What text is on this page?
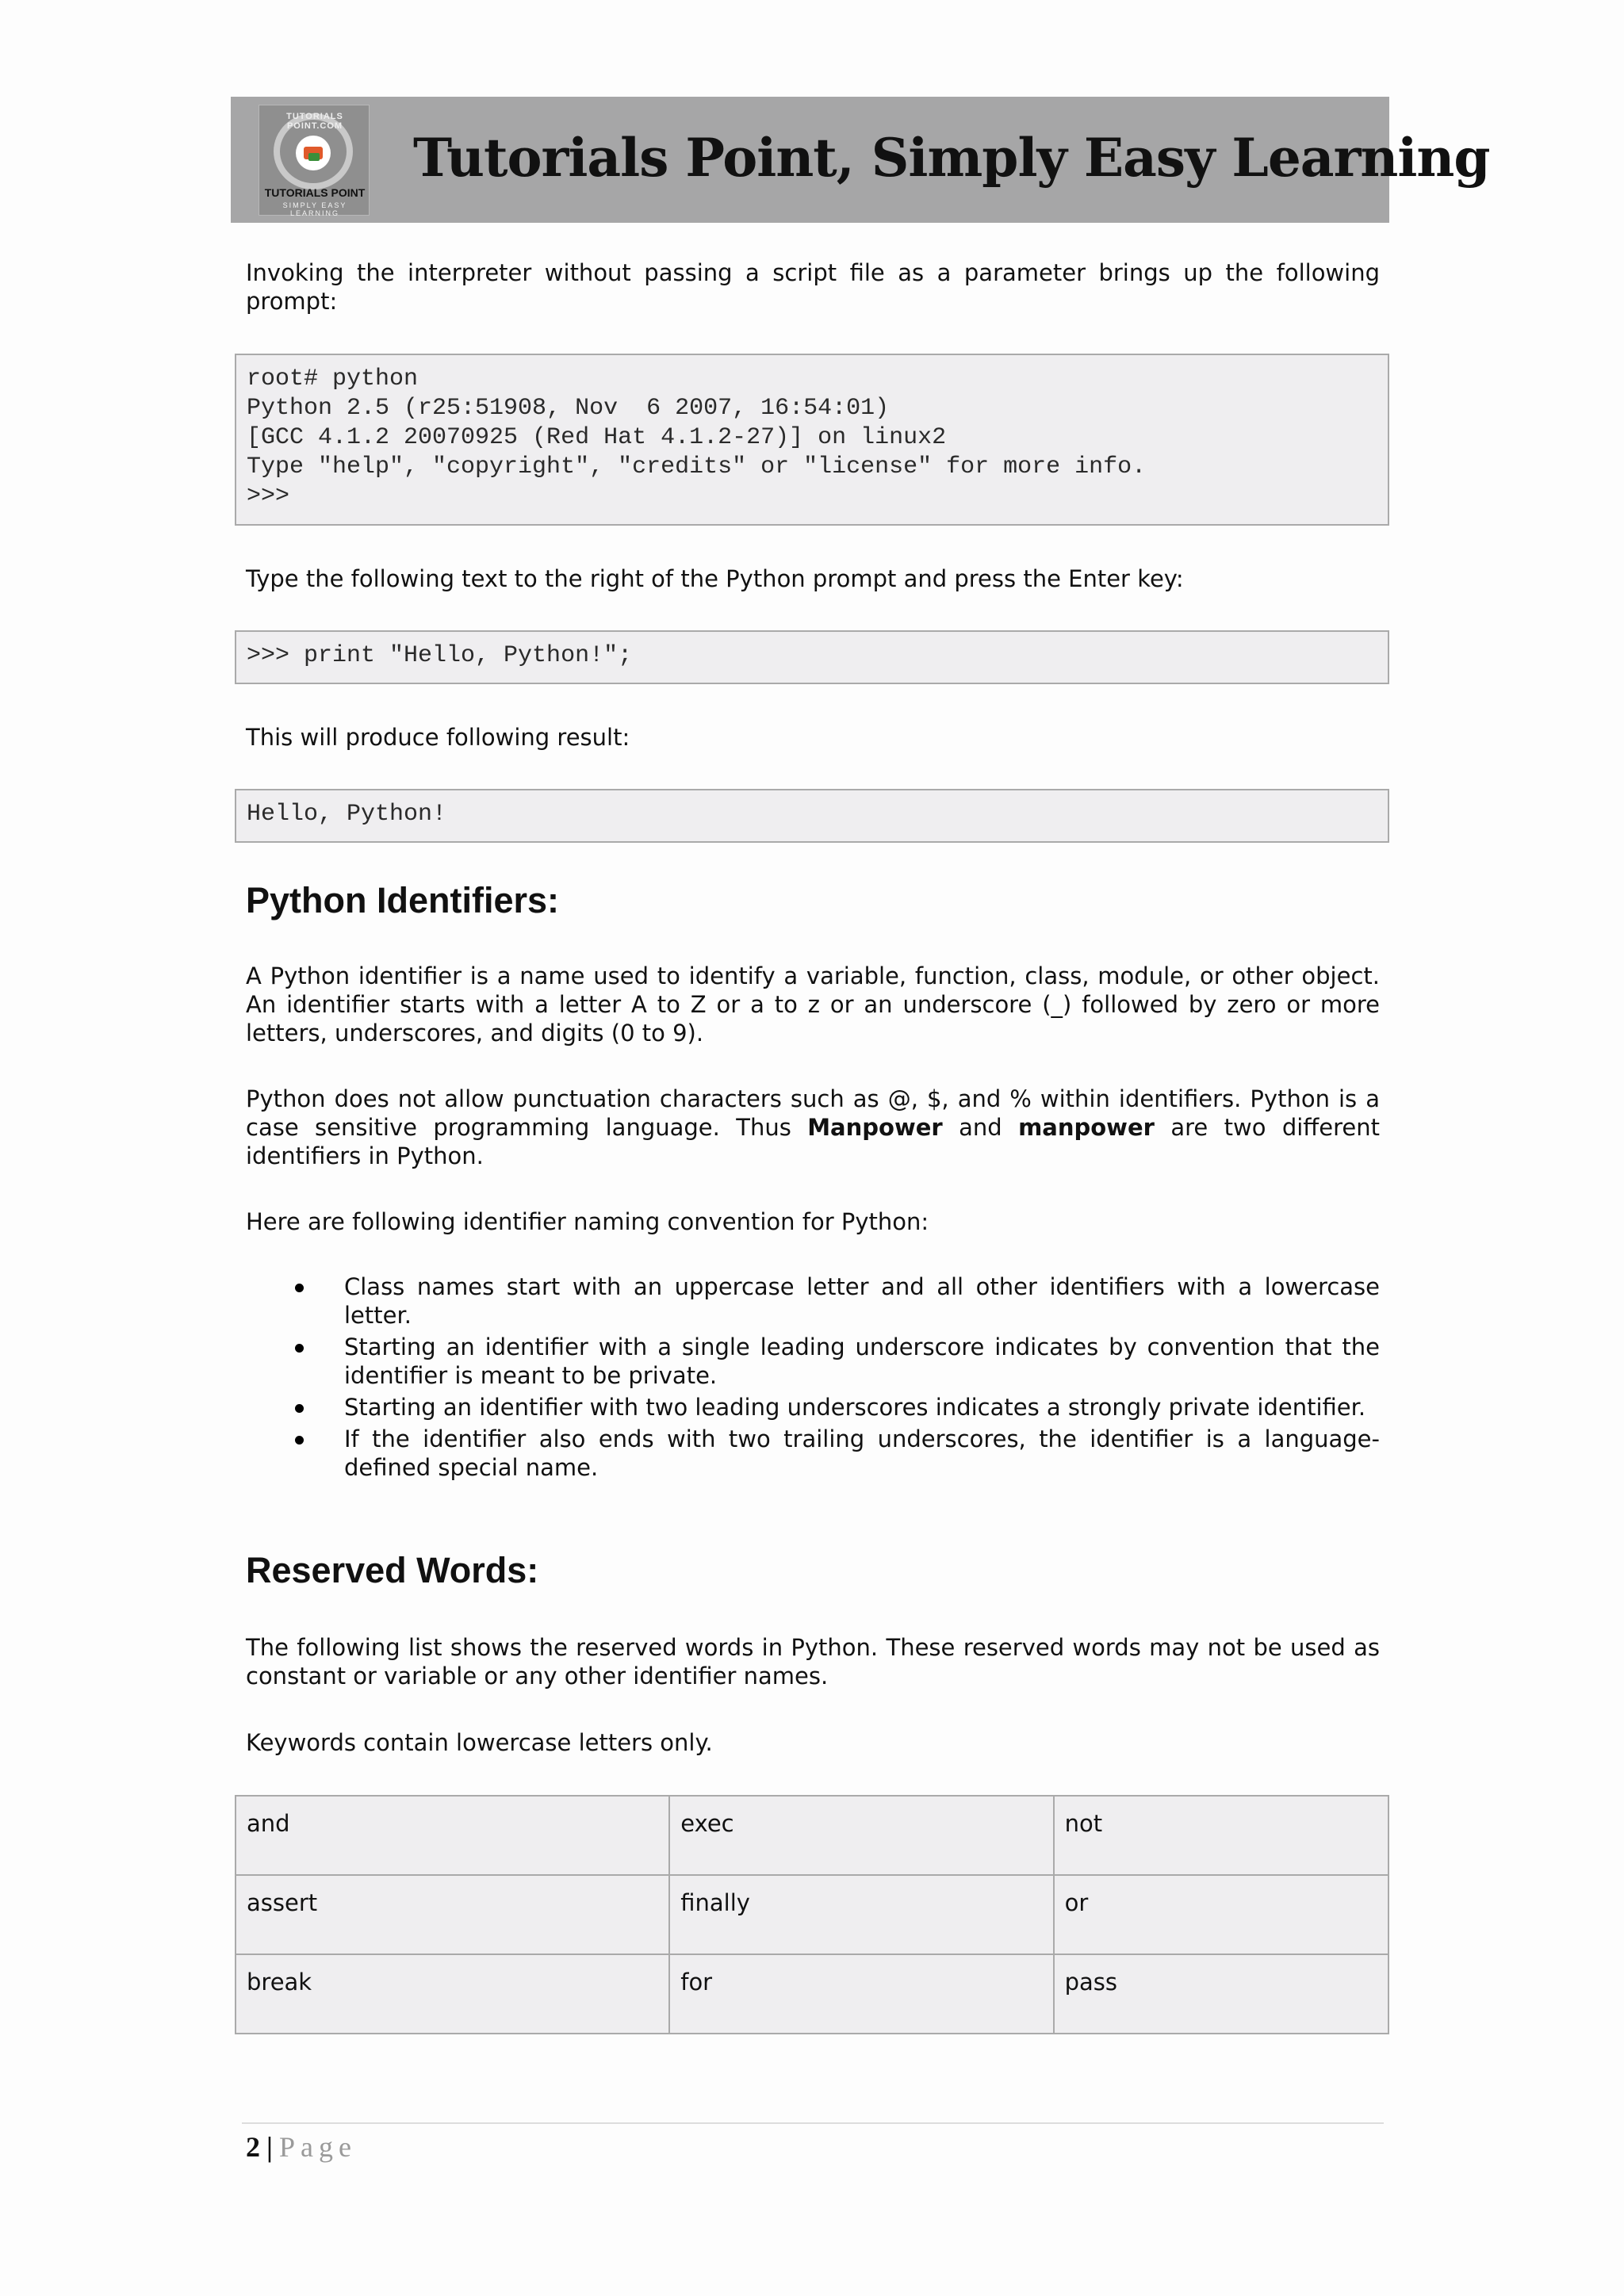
TUTORIALS POINT.COM
TUTORIALS POINT
SIMPLY EASY LEARNING
Tutorials Point, Simply Easy Learning
Invoking the interpreter without passing a script file as a parameter brings up the following prompt:
root# python
Python 2.5 (r25:51908, Nov  6 2007, 16:54:01)
[GCC 4.1.2 20070925 (Red Hat 4.1.2-27)] on linux2
Type "help", "copyright", "credits" or "license" for more info.
>>>
Type the following text to the right of the Python prompt and press the Enter key:
>>> print "Hello, Python!";
This will produce following result:
Hello, Python!
Python Identifiers:
A Python identifier is a name used to identify a variable, function, class, module, or other object. An identifier starts with a letter A to Z or a to z or an underscore (_) followed by zero or more letters, underscores, and digits (0 to 9).
Python does not allow punctuation characters such as @, $, and % within identifiers. Python is a case sensitive programming language. Thus Manpower and manpower are two different identifiers in Python.
Here are following identifier naming convention for Python:
Class names start with an uppercase letter and all other identifiers with a lowercase letter.
Starting an identifier with a single leading underscore indicates by convention that the identifier is meant to be private.
Starting an identifier with two leading underscores indicates a strongly private identifier.
If the identifier also ends with two trailing underscores, the identifier is a language-defined special name.
Reserved Words:
The following list shows the reserved words in Python. These reserved words may not be used as constant or variable or any other identifier names.
Keywords contain lowercase letters only.
and	exec	not
assert	finally	or
break	for	pass
2 | Page
